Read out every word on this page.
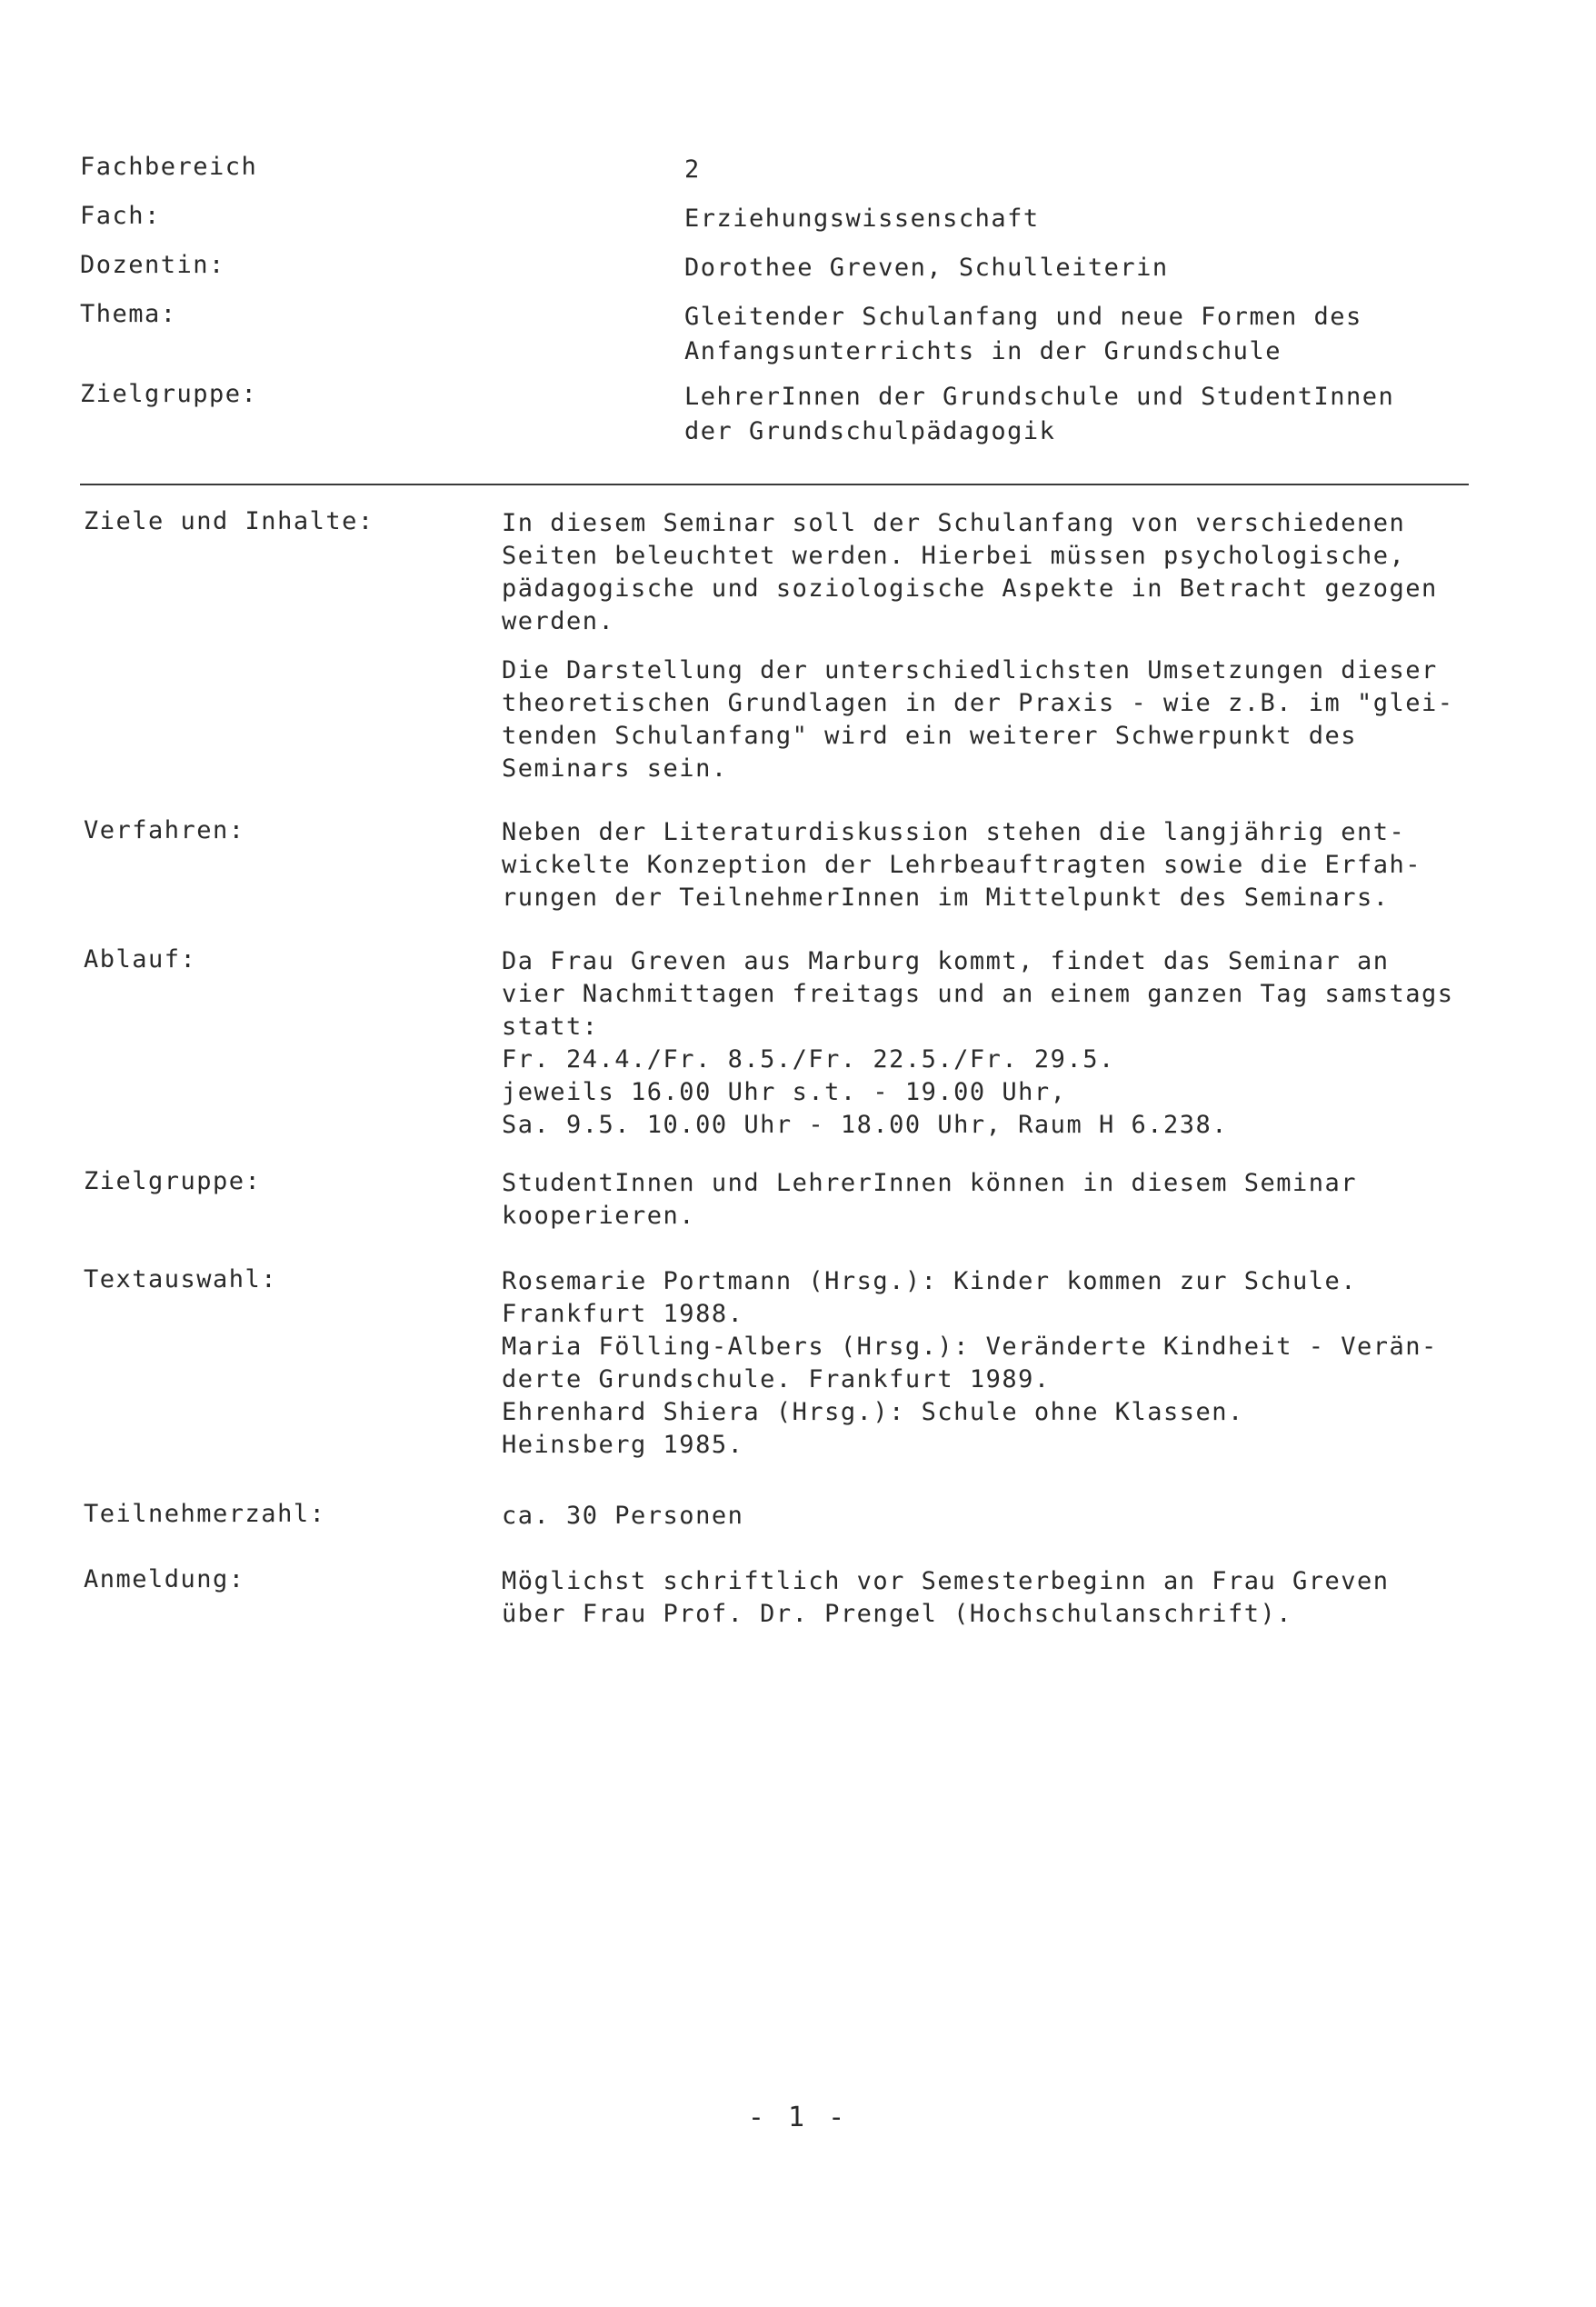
Fachbereich	2
Fach:	Erziehungswissenschaft
Dozentin:	Dorothee Greven, Schulleiterin
Thema:	Gleitender Schulanfang und neue Formen des
Anfangsunterrichts in der Grundschule
Zielgruppe:	LehrerInnen der Grundschule und StudentInnen
der Grundschulpädagogik
Ziele und Inhalte:	In diesem Seminar soll der Schulanfang von verschiedenen
Seiten beleuchtet werden. Hierbei müssen psychologische,
pädagogische und soziologische Aspekte in Betracht gezogen
werden.

Die Darstellung der unterschiedlichsten Umsetzungen dieser
theoretischen Grundlagen in der Praxis - wie z.B. im "glei-
tenden Schulanfang" wird ein weiterer Schwerpunkt des
Seminars sein.

Verfahren:	Neben der Literaturdiskussion stehen die langjährig ent-
wickelte Konzeption der Lehrbeauftragten sowie die Erfah-
rungen der TeilnehmerInnen im Mittelpunkt des Seminars.

Ablauf:	Da Frau Greven aus Marburg kommt, findet das Seminar an
vier Nachmittagen freitags und an einem ganzen Tag samstags
statt:
Fr. 24.4./Fr. 8.5./Fr. 22.5./Fr. 29.5.
jeweils 16.00 Uhr s.t. - 19.00 Uhr,
Sa. 9.5. 10.00 Uhr - 18.00 Uhr, Raum H 6.238.

Zielgruppe:	StudentInnen und LehrerInnen können in diesem Seminar
kooperieren.

Textauswahl:	Rosemarie Portmann (Hrsg.): Kinder kommen zur Schule.
Frankfurt 1988.
Maria Fölling-Albers (Hrsg.): Veränderte Kindheit - Verän-
derte Grundschule. Frankfurt 1989.
Ehrenhard Shiera (Hrsg.): Schule ohne Klassen.
Heinsberg 1985.

Teilnehmerzahl:	ca. 30 Personen

Anmeldung:	Möglichst schriftlich vor Semesterbeginn an Frau Greven
über Frau Prof. Dr. Prengel (Hochschulanschrift).

- 1 -
